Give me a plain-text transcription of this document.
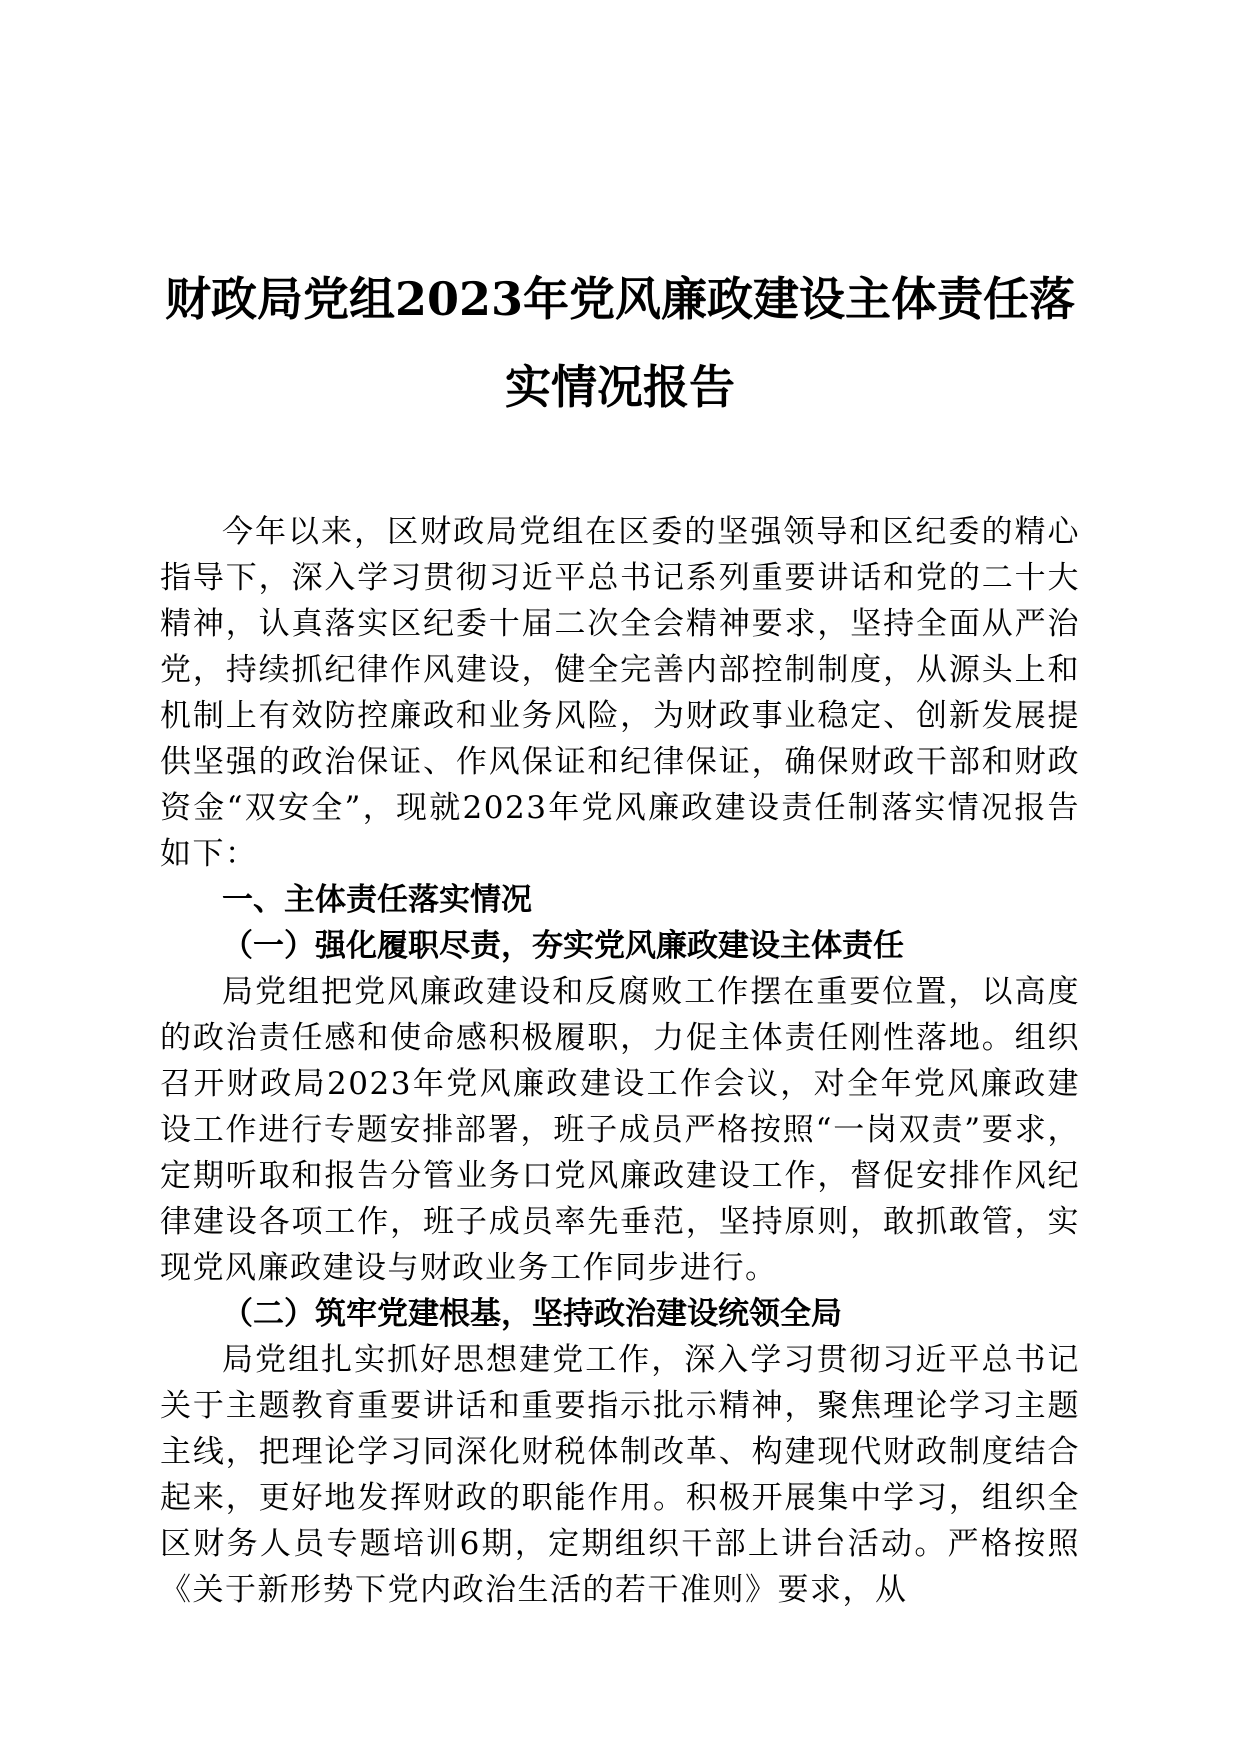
财政局党组2023年党风廉政建设主体责任落
实情况报告

今年以来，区财政局党组在区委的坚强领导和区纪委的精心指导下，深入学习贯彻习近平总书记系列重要讲话和党的二十大精神，认真落实区纪委十届二次全会精神要求，坚持全面从严治党，持续抓纪律作风建设，健全完善内部控制制度，从源头上和机制上有效防控廉政和业务风险，为财政事业稳定、创新发展提供坚强的政治保证、作风保证和纪律保证，确保财政干部和财政资金“双安全”，现就2023年党风廉政建设责任制落实情况报告如下：

一、主体责任落实情况

（一）强化履职尽责，夯实党风廉政建设主体责任

局党组把党风廉政建设和反腐败工作摆在重要位置，以高度的政治责任感和使命感积极履职，力促主体责任刚性落地。组织召开财政局2023年党风廉政建设工作会议，对全年党风廉政建设工作进行专题安排部署，班子成员严格按照“一岗双责”要求，定期听取和报告分管业务口党风廉政建设工作，督促安排作风纪律建设各项工作，班子成员率先垂范，坚持原则，敢抓敢管，实现党风廉政建设与财政业务工作同步进行。

（二）筑牢党建根基，坚持政治建设统领全局

局党组扎实抓好思想建党工作，深入学习贯彻习近平总书记关于主题教育重要讲话和重要指示批示精神，聚焦理论学习主题主线，把理论学习同深化财税体制改革、构建现代财政制度结合起来，更好地发挥财政的职能作用。积极开展集中学习，组织全区财务人员专题培训6期，定期组织干部上讲台活动。严格按照《关于新形势下党内政治生活的若干准则》要求，从
